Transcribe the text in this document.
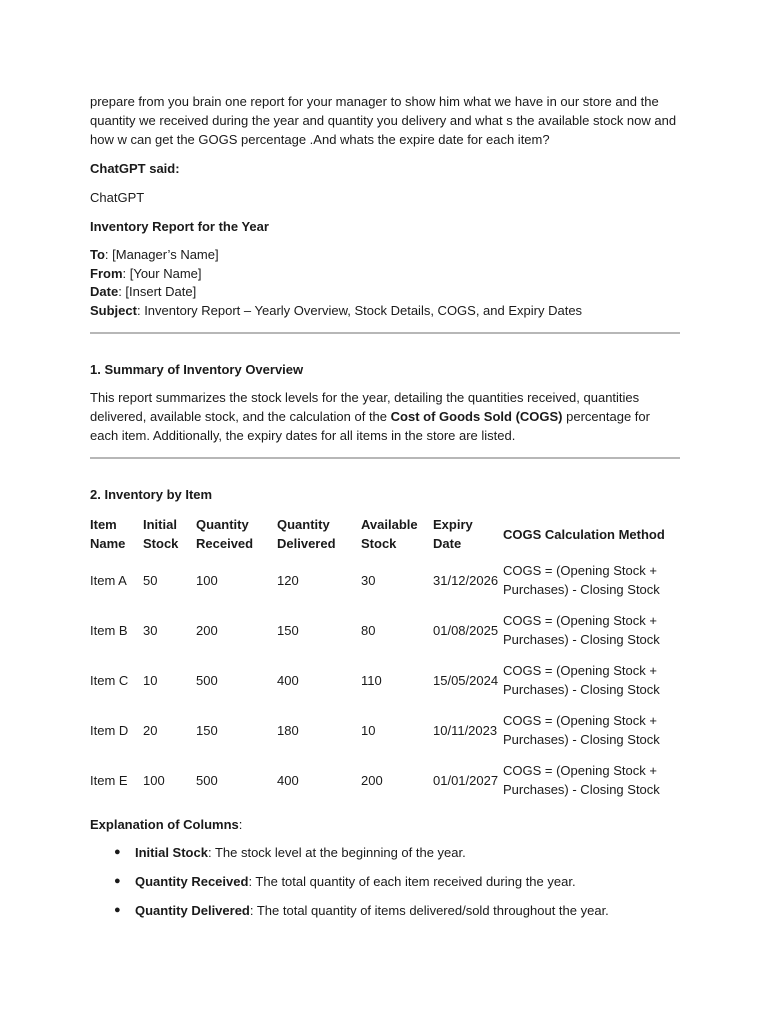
prepare from you brain one report for your manager to show him what we have in our store and the quantity we received during the year and quantity you delivery and what s the available stock now and how w can get the GOGS percentage .And whats the expire date for each item?

ChatGPT said:

ChatGPT

Inventory Report for the Year

To: [Manager’s Name]

From: [Your Name]

Date: [Insert Date]

Subject: Inventory Report – Yearly Overview, Stock Details, COGS, and Expiry Dates

1. Summary of Inventory Overview

This report summarizes the stock levels for the year, detailing the quantities received, quantities delivered, available stock, and the calculation of the Cost of Goods Sold (COGS) percentage for each item. Additionally, the expiry dates for all items in the store are listed.

2. Inventory by Item

Item Name	Initial Stock	Quantity Received	Quantity Delivered	Available Stock	Expiry Date	COGS Calculation Method
Item A	50	100	120	30	31/12/2026	COGS = (Opening Stock + Purchases) - Closing Stock
Item B	30	200	150	80	01/08/2025	COGS = (Opening Stock + Purchases) - Closing Stock
Item C	10	500	400	110	15/05/2024	COGS = (Opening Stock + Purchases) - Closing Stock
Item D	20	150	180	10	10/11/2023	COGS = (Opening Stock + Purchases) - Closing Stock
Item E	100	500	400	200	01/01/2027	COGS = (Opening Stock + Purchases) - Closing Stock

Explanation of Columns:

● Initial Stock: The stock level at the beginning of the year.
● Quantity Received: The total quantity of each item received during the year.
● Quantity Delivered: The total quantity of items delivered/sold throughout the year.
